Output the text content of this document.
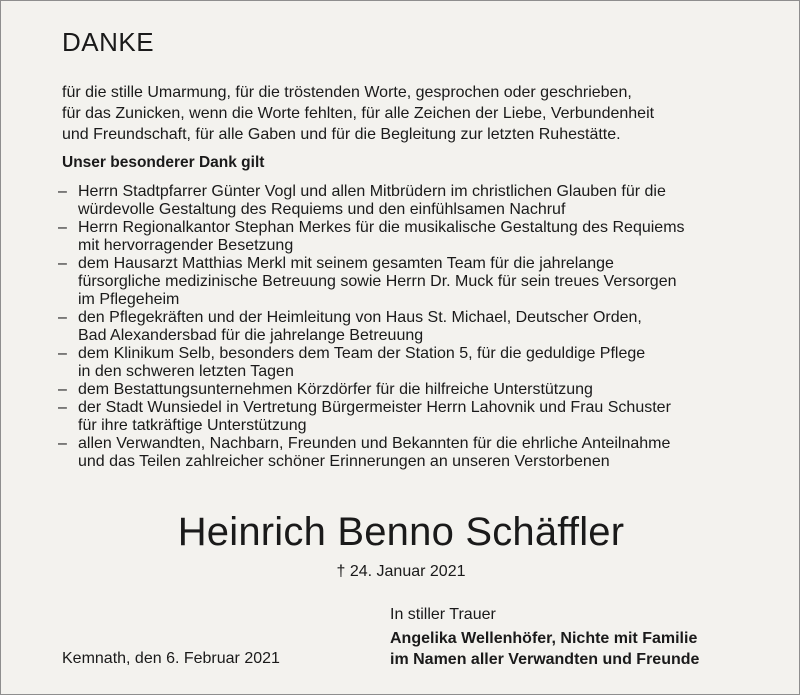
DANKE
für die stille Umarmung, für die tröstenden Worte, gesprochen oder geschrieben,
für das Zunicken, wenn die Worte fehlten, für alle Zeichen der Liebe, Verbundenheit
und Freundschaft, für alle Gaben und für die Begleitung zur letzten Ruhestätte.
Unser besonderer Dank gilt
– Herrn Stadtpfarrer Günter Vogl und allen Mitbrüdern im christlichen Glauben für die
würdevolle Gestaltung des Requiems und den einfühlsamen Nachruf
– Herrn Regionalkantor Stephan Merkes für die musikalische Gestaltung des Requiems
mit hervorragender Besetzung
– dem Hausarzt Matthias Merkl mit seinem gesamten Team für die jahrelange
fürsorgliche medizinische Betreuung sowie Herrn Dr. Muck für sein treues Versorgen
im Pflegeheim
– den Pflegekräften und der Heimleitung von Haus St. Michael, Deutscher Orden,
Bad Alexandersbad für die jahrelange Betreuung
– dem Klinikum Selb, besonders dem Team der Station 5, für die geduldige Pflege
in den schweren letzten Tagen
– dem Bestattungsunternehmen Körzdörfer für die hilfreiche Unterstützung
– der Stadt Wunsiedel in Vertretung Bürgermeister Herrn Lahovnik und Frau Schuster
für ihre tatkräftige Unterstützung
– allen Verwandten, Nachbarn, Freunden und Bekannten für die ehrliche Anteilnahme
und das Teilen zahlreicher schöner Erinnerungen an unseren Verstorbenen
Heinrich Benno Schäffler
† 24. Januar 2021
In stiller Trauer
Angelika Wellenhöfer, Nichte mit Familie
im Namen aller Verwandten und Freunde
Kemnath, den 6. Februar 2021
